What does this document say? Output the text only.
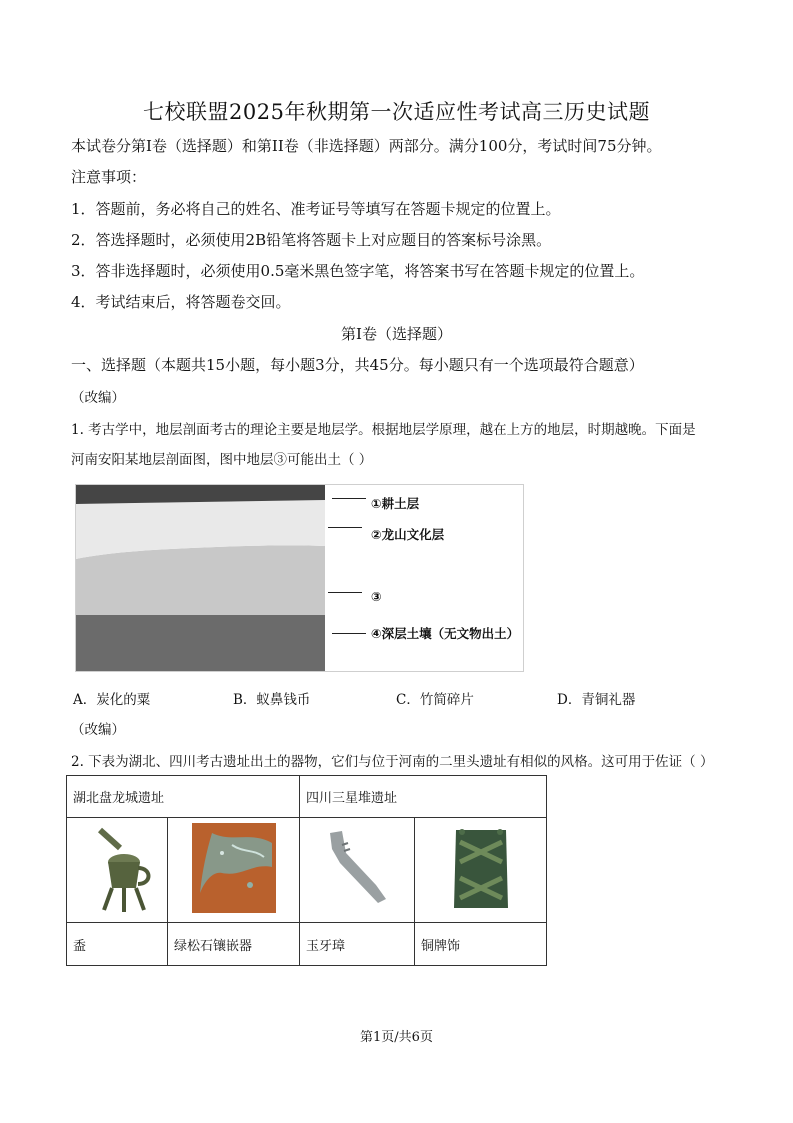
七校联盟2025年秋期第一次适应性考试高三历史试题
本试卷分第Ⅰ卷（选择题）和第II卷（非选择题）两部分。满分100分，考试时间75分钟。
注意事项：
1．答题前，务必将自己的姓名、准考证号等填写在答题卡规定的位置上。
2．答选择题时，必须使用2B铅笔将答题卡上对应题目的答案标号涂黑。
3．答非选择题时，必须使用0.5毫米黑色签字笔，将答案书写在答题卡规定的位置上。
4．考试结束后，将答题卷交回。
第Ⅰ卷（选择题）
一、选择题（本题共15小题，每小题3分，共45分。每小题只有一个选项最符合题意）
（改编）
1. 考古学中，地层剖面考古的理论主要是地层学。根据地层学原理，越在上方的地层，时期越晚。下面是
河南安阳某地层剖面图，图中地层③可能出土（ ）
①耕土层
②龙山文化层
③
④深层土壤（无文物出土）
A．炭化的粟	B．蚁鼻钱币	C．竹简碎片	D．青铜礼器
（改编）
2. 下表为湖北、四川考古遗址出土的器物，它们与位于河南的二里头遗址有相似的风格。这可用于佐证（ ）
湖北盘龙城遗址		四川三星堆遗址	

盉	绿松石镶嵌器	玉牙璋	铜牌饰
第1页/共6页
